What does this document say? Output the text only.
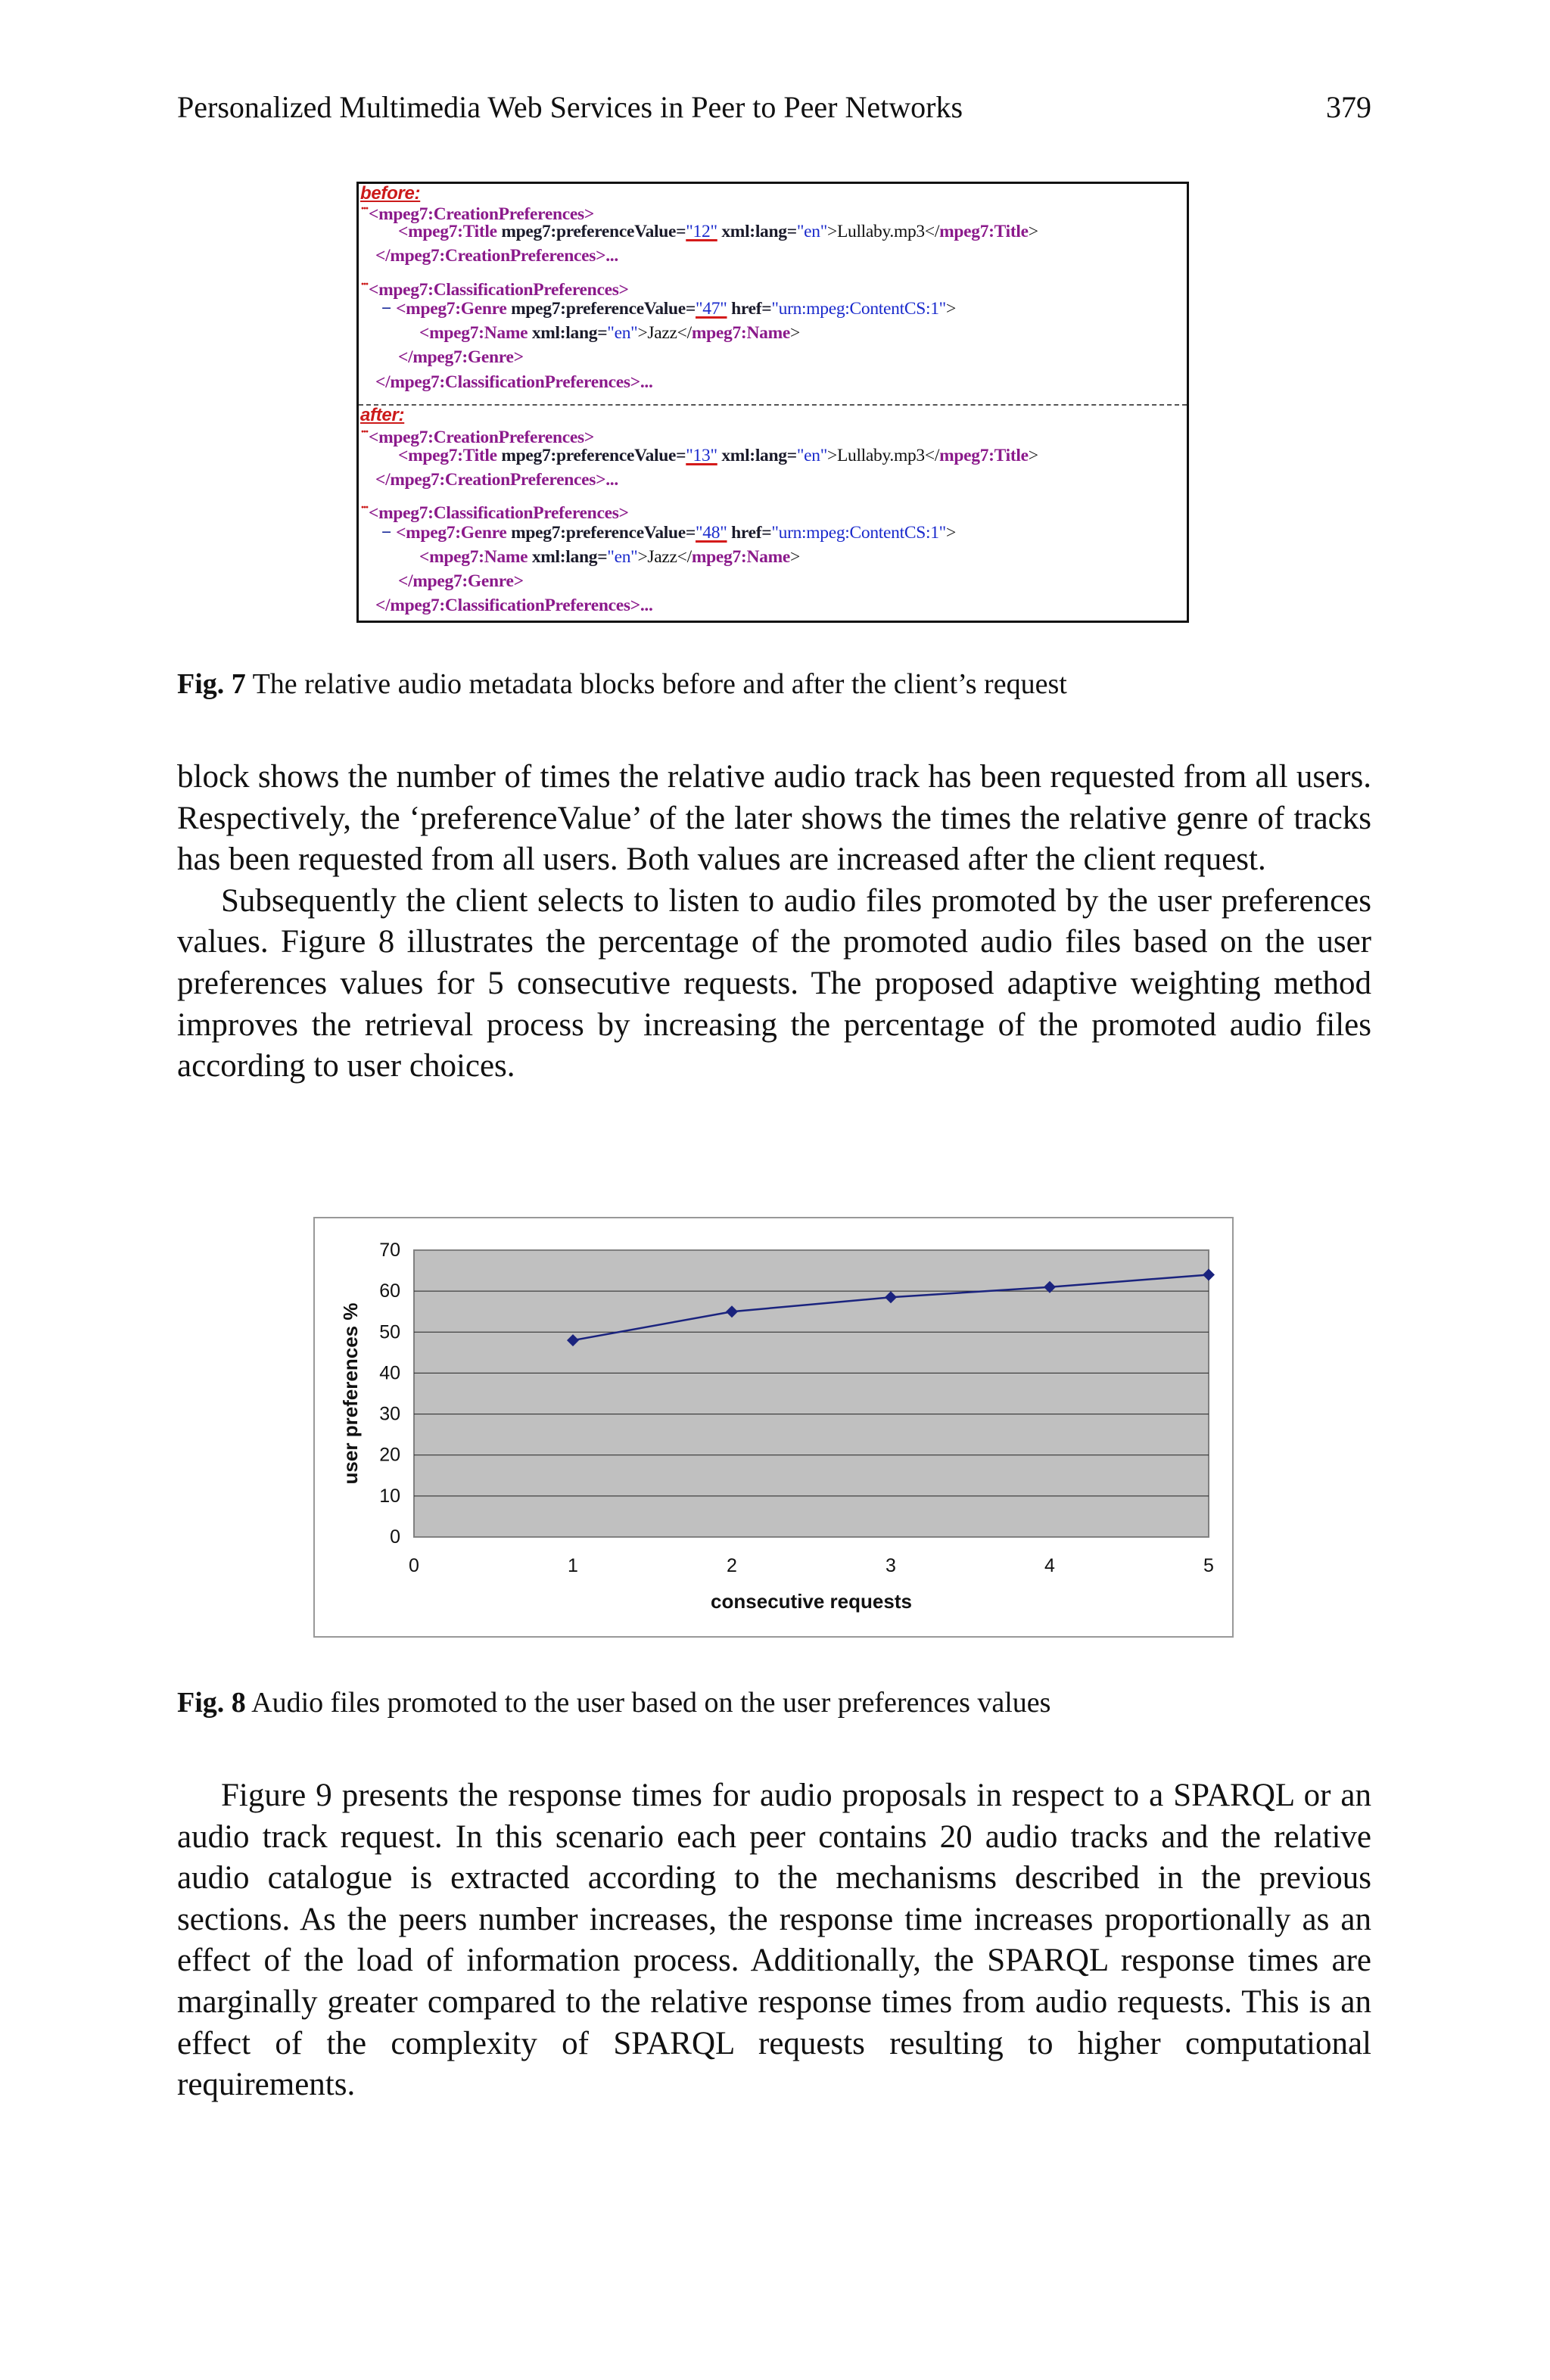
Personalized Multimedia Web Services in Peer to Peer Networks	379
before:
···<mpeg7:CreationPreferences>
<mpeg7:Title mpeg7:preferenceValue="12" xml:lang="en">Lullaby.mp3</mpeg7:Title>
</mpeg7:CreationPreferences>...
···<mpeg7:ClassificationPreferences>
− <mpeg7:Genre mpeg7:preferenceValue="47" href="urn:mpeg:ContentCS:1">
<mpeg7:Name xml:lang="en">Jazz</mpeg7:Name>
</mpeg7:Genre>
</mpeg7:ClassificationPreferences>...
after:
···<mpeg7:CreationPreferences>
<mpeg7:Title mpeg7:preferenceValue="13" xml:lang="en">Lullaby.mp3</mpeg7:Title>
</mpeg7:CreationPreferences>...
···<mpeg7:ClassificationPreferences>
− <mpeg7:Genre mpeg7:preferenceValue="48" href="urn:mpeg:ContentCS:1">
<mpeg7:Name xml:lang="en">Jazz</mpeg7:Name>
</mpeg7:Genre>
</mpeg7:ClassificationPreferences>...
Fig. 7 The relative audio metadata blocks before and after the client’s request

block shows the number of times the relative audio track has been requested from all users. Respectively, the ‘preferenceValue’ of the later shows the times the relative genre of tracks has been requested from all users. Both values are increased after the client request.

Subsequently the client selects to listen to audio files promoted by the user preferences values. Figure 8 illustrates the percentage of the promoted audio files based on the user preferences values for 5 consecutive requests. The proposed adaptive weighting method improves the retrieval process by increasing the percentage of the promoted audio files according to user choices.

0
10
20
30
40
50
60
70
0	1	2	3	4	5
consecutive requests
user preferences %
Fig. 8 Audio files promoted to the user based on the user preferences values

Figure 9 presents the response times for audio proposals in respect to a SPARQL or an audio track request. In this scenario each peer contains 20 audio tracks and the relative audio catalogue is extracted according to the mechanisms described in the previous sections. As the peers number increases, the response time increases proportionally as an effect of the load of information process. Additionally, the SPARQL response times are marginally greater compared to the relative response times from audio requests. This is an effect of the complexity of SPARQL requests resulting to higher computational requirements.
